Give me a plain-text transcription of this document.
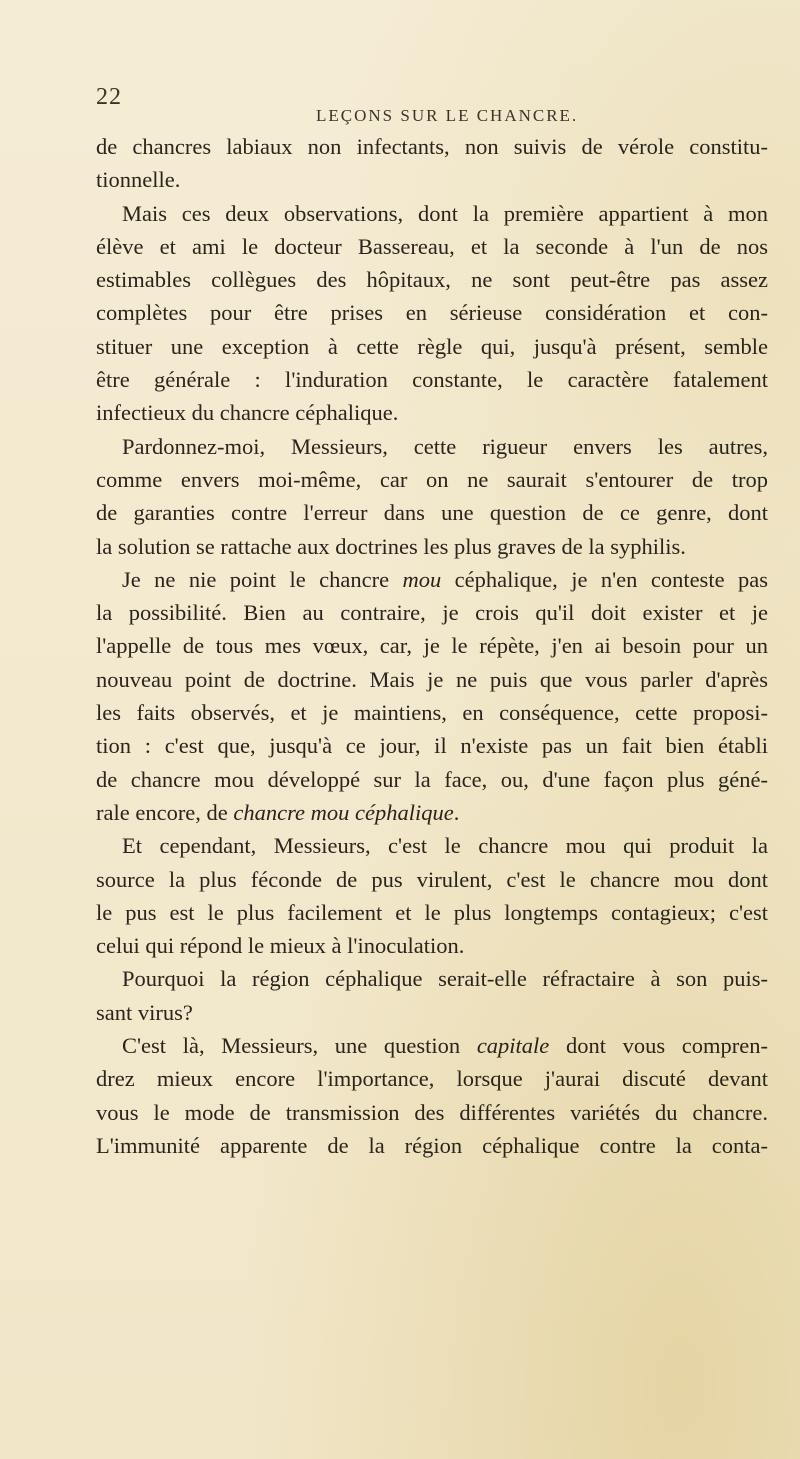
22
LEÇONS SUR LE CHANCRE.
de chancres labiaux non infectants, non suivis de vérole constitu-
tionnelle.
Mais ces deux observations, dont la première appartient à mon
élève et ami le docteur Bassereau, et la seconde à l'un de nos
estimables collègues des hôpitaux, ne sont peut-être pas assez
complètes pour être prises en sérieuse considération et con-
stituer une exception à cette règle qui, jusqu'à présent, semble
être générale : l'induration constante, le caractère fatalement
infectieux du chancre céphalique.
Pardonnez-moi, Messieurs, cette rigueur envers les autres,
comme envers moi-même, car on ne saurait s'entourer de trop
de garanties contre l'erreur dans une question de ce genre, dont
la solution se rattache aux doctrines les plus graves de la syphilis.
Je ne nie point le chancre mou céphalique, je n'en conteste pas
la possibilité. Bien au contraire, je crois qu'il doit exister et je
l'appelle de tous mes vœux, car, je le répète, j'en ai besoin pour un
nouveau point de doctrine. Mais je ne puis que vous parler d'après
les faits observés, et je maintiens, en conséquence, cette proposi-
tion : c'est que, jusqu'à ce jour, il n'existe pas un fait bien établi
de chancre mou développé sur la face, ou, d'une façon plus géné-
rale encore, de chancre mou céphalique.
Et cependant, Messieurs, c'est le chancre mou qui produit la
source la plus féconde de pus virulent, c'est le chancre mou dont
le pus est le plus facilement et le plus longtemps contagieux; c'est
celui qui répond le mieux à l'inoculation.
Pourquoi la région céphalique serait-elle réfractaire à son puis-
sant virus?
C'est là, Messieurs, une question capitale dont vous compren-
drez mieux encore l'importance, lorsque j'aurai discuté devant
vous le mode de transmission des différentes variétés du chancre.
L'immunité apparente de la région céphalique contre la conta-
